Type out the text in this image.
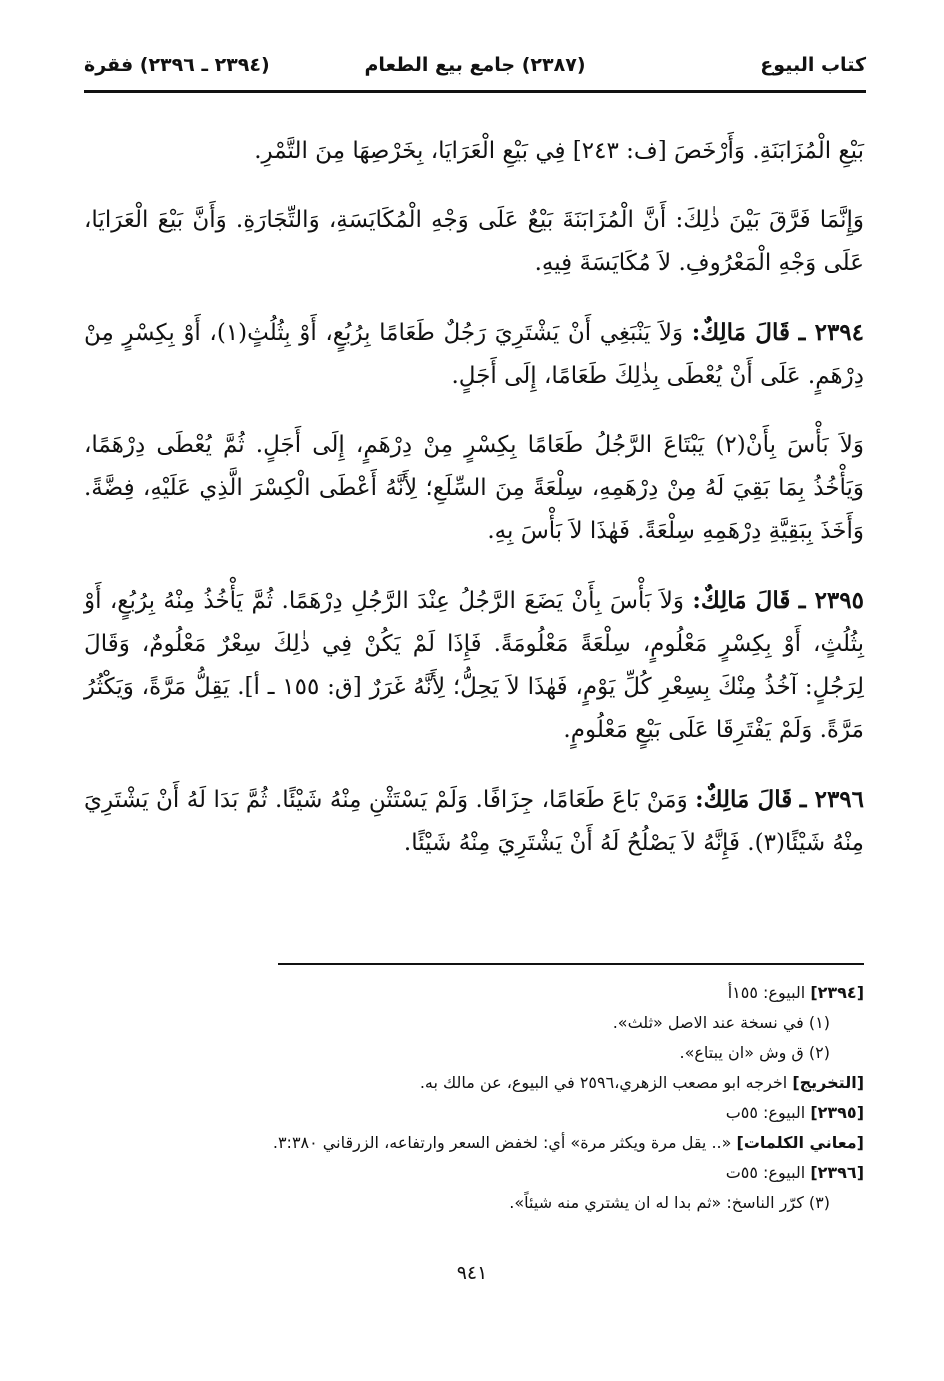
كتاب البيوع
(٢٣٨٧) جامع بيع الطعام
(٢٣٩٤ ـ ٢٣٩٦) فقرة

بَيْعِ الْمُزَابَنَةِ. وَأَرْخَصَ [ف: ٢٤٣] فِي بَيْعِ الْعَرَايَا، بِخَرْصِهَا مِنَ التَّمْرِ.

وَإِنَّمَا فَرَّقَ بَيْنَ ذٰلِكَ: أَنَّ الْمُزَابَنَةَ بَيْعٌ عَلَى وَجْهِ الْمُكَايَسَةِ، وَالتِّجَارَةِ. وَأَنَّ بَيْعَ الْعَرَايَا، عَلَى وَجْهِ الْمَعْرُوفِ. لاَ مُكَايَسَةَ فِيهِ.

٢٣٩٤ ـ قَالَ مَالِكٌ: وَلاَ يَنْبَغِي أَنْ يَشْتَرِيَ رَجُلٌ طَعَامًا بِرُبُعٍ، أَوْ بِثُلُثٍ(١)، أَوْ بِكِسْرٍ مِنْ دِرْهَمٍ. عَلَى أَنْ يُعْطَى بِذٰلِكَ طَعَامًا، إِلَى أَجَلٍ.

وَلاَ بَأْسَ بِأَنْ(٢) يَبْتَاعَ الرَّجُلُ طَعَامًا بِكِسْرٍ مِنْ دِرْهَمٍ، إِلَى أَجَلٍ. ثُمَّ يُعْطَى دِرْهَمًا، وَيَأْخُذُ بِمَا بَقِيَ لَهُ مِنْ دِرْهَمِهِ، سِلْعَةً مِنَ السِّلَعِ؛ لِأَنَّهُ أَعْطَى الْكِسْرَ الَّذِي عَلَيْهِ، فِضَّةً. وَأَخَذَ بِبَقِيَّةِ دِرْهَمِهِ سِلْعَةً. فَهٰذَا لاَ بَأْسَ بِهِ.

٢٣٩٥ ـ قَالَ مَالِكٌ: وَلاَ بَأْسَ بِأَنْ يَضَعَ الرَّجُلُ عِنْدَ الرَّجُلِ دِرْهَمًا. ثُمَّ يَأْخُذُ مِنْهُ بِرُبُعٍ، أَوْ بِثُلُثٍ، أَوْ بِكِسْرٍ مَعْلُومٍ، سِلْعَةً مَعْلُومَةً. فَإِذَا لَمْ يَكُنْ فِي ذٰلِكَ سِعْرٌ مَعْلُومٌ، وَقَالَ لِرَجُلٍ: آخُذُ مِنْكَ بِسِعْرِ كُلِّ يَوْمٍ، فَهٰذَا لاَ يَحِلُّ؛ لِأَنَّهُ غَرَرٌ [ق: ١٥٥ ـ أ]. يَقِلُّ مَرَّةً، وَيَكْثُرُ مَرَّةً. وَلَمْ يَفْتَرِقَا عَلَى بَيْعٍ مَعْلُومٍ.

٢٣٩٦ ـ قَالَ مَالِكٌ: وَمَنْ بَاعَ طَعَامًا، جِزَافًا. وَلَمْ يَسْتَثْنِ مِنْهُ شَيْئًا. ثُمَّ بَدَا لَهُ أَنْ يَشْتَرِيَ مِنْهُ شَيْئًا(٣). فَإِنَّهُ لاَ يَصْلُحُ لَهُ أَنْ يَشْتَرِيَ مِنْهُ شَيْئًا.

[٢٣٩٤] البيوع: ١٥٥أ

(١) في نسخة عند الاصل «ثلث».

(٢) ق وش «ان يبتاع».

[التخريج] اخرجه ابو مصعب الزهري،٢٥٩٦ في البيوع، عن مالك به.

[٢٣٩٥] البيوع: ٥٥ب

[معاني الكلمات] «.. يقل مرة ويكثر مرة» أي: لخفض السعر وارتفاعه، الزرقاني ٣:٣٨٠.

[٢٣٩٦] البيوع: ٥٥ت

(٣) كرّر الناسخ: «ثم بدا له ان يشتري منه شيئاً».

٩٤١
